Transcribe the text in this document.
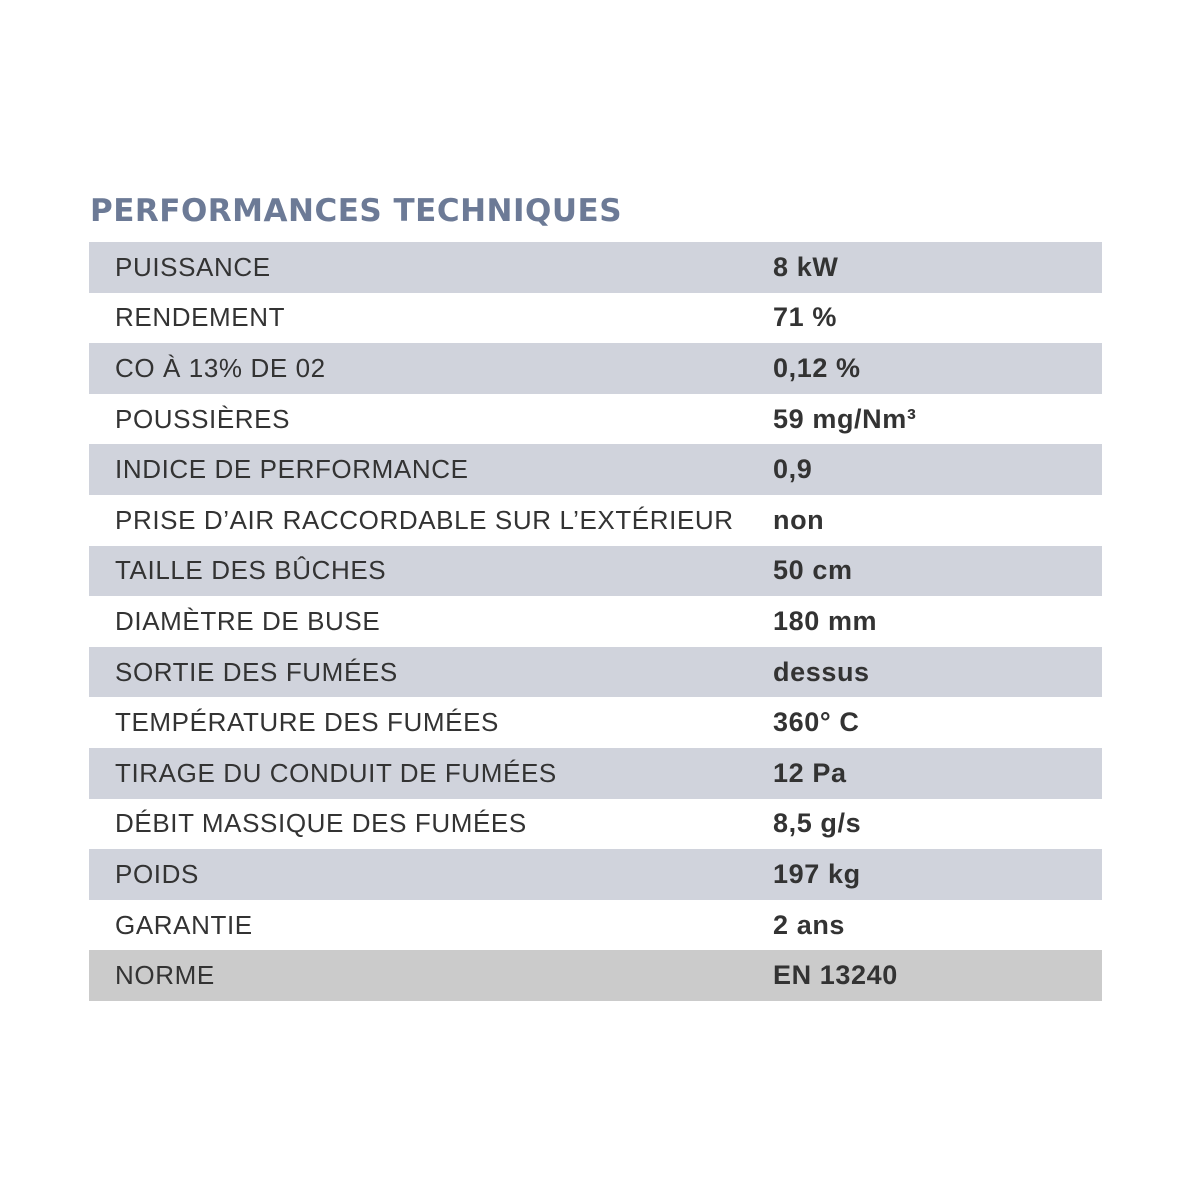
PERFORMANCES TECHNIQUES
PUISSANCE	8 kW
RENDEMENT	71 %
CO À 13% DE 02	0,12 %
POUSSIÈRES	59 mg/Nm³
INDICE DE PERFORMANCE	0,9
PRISE D’AIR RACCORDABLE SUR L’EXTÉRIEUR	non
TAILLE DES BÛCHES	50 cm
DIAMÈTRE DE BUSE	180 mm
SORTIE DES FUMÉES	dessus
TEMPÉRATURE DES FUMÉES	360° C
TIRAGE DU CONDUIT DE FUMÉES	12 Pa
DÉBIT MASSIQUE DES FUMÉES	8,5 g/s
POIDS	197 kg
GARANTIE	2 ans
NORME	EN 13240
